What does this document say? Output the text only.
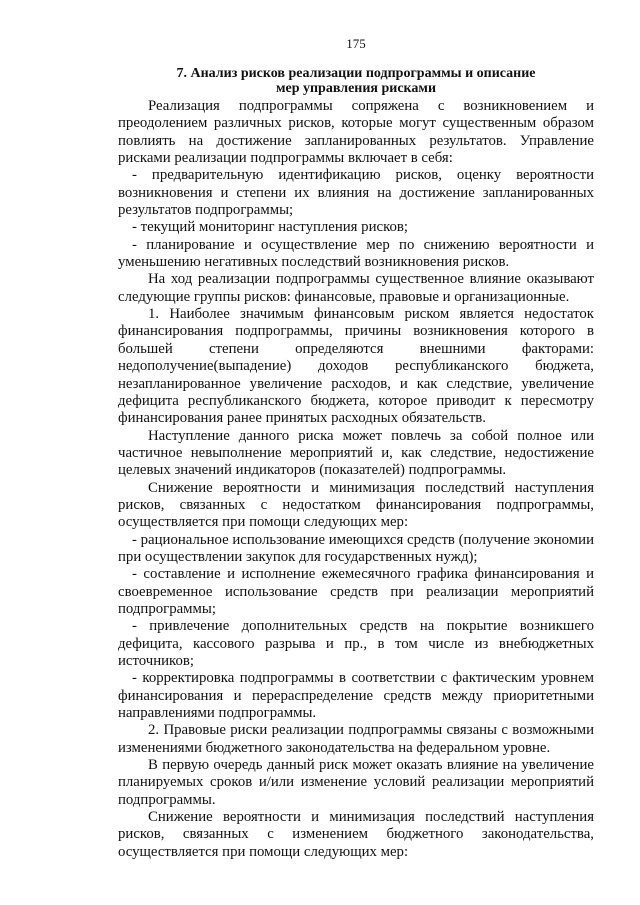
175
7. Анализ рисков реализации подпрограммы и описание
мер управления рисками

Реализация подпрограммы сопряжена с возникновением и преодолением различных рисков, которые могут существенным образом повлиять на достижение запланированных результатов. Управление рисками реализации подпрограммы включает в себя:

- предварительную идентификацию рисков, оценку вероятности возникновения и степени их влияния на достижение запланированных результатов подпрограммы;

- текущий мониторинг наступления рисков;

- планирование и осуществление мер по снижению вероятности и уменьшению негативных последствий возникновения рисков.

На ход реализации подпрограммы существенное влияние оказывают следующие группы рисков: финансовые, правовые и организационные.

1. Наиболее значимым финансовым риском является недостаток финансирования подпрограммы, причины возникновения которого в большей степени определяются внешними факторами: недополучение(выпадение) доходов республиканского бюджета, незапланированное увеличение расходов, и как следствие, увеличение дефицита республиканского бюджета, которое приводит к пересмотру финансирования ранее принятых расходных обязательств.

Наступление данного риска может повлечь за собой полное или частичное невыполнение мероприятий и, как следствие, недостижение целевых значений индикаторов (показателей) подпрограммы.

Снижение вероятности и минимизация последствий наступления рисков, связанных с недостатком финансирования подпрограммы, осуществляется при помощи следующих мер:

- рациональное использование имеющихся средств (получение экономии при осуществлении закупок для государственных нужд);

- составление и исполнение ежемесячного графика финансирования и своевременное использование средств при реализации мероприятий подпрограммы;

- привлечение дополнительных средств на покрытие возникшего дефицита, кассового разрыва и пр., в том числе из внебюджетных источников;

- корректировка подпрограммы в соответствии с фактическим уровнем финансирования и перераспределение средств между приоритетными направлениями подпрограммы.

2. Правовые риски реализации подпрограммы связаны с возможными изменениями бюджетного законодательства на федеральном уровне.

В первую очередь данный риск может оказать влияние на увеличение планируемых сроков и/или изменение условий реализации мероприятий подпрограммы.

Снижение вероятности и минимизация последствий наступления рисков, связанных с изменением бюджетного законодательства, осуществляется при помощи следующих мер:
